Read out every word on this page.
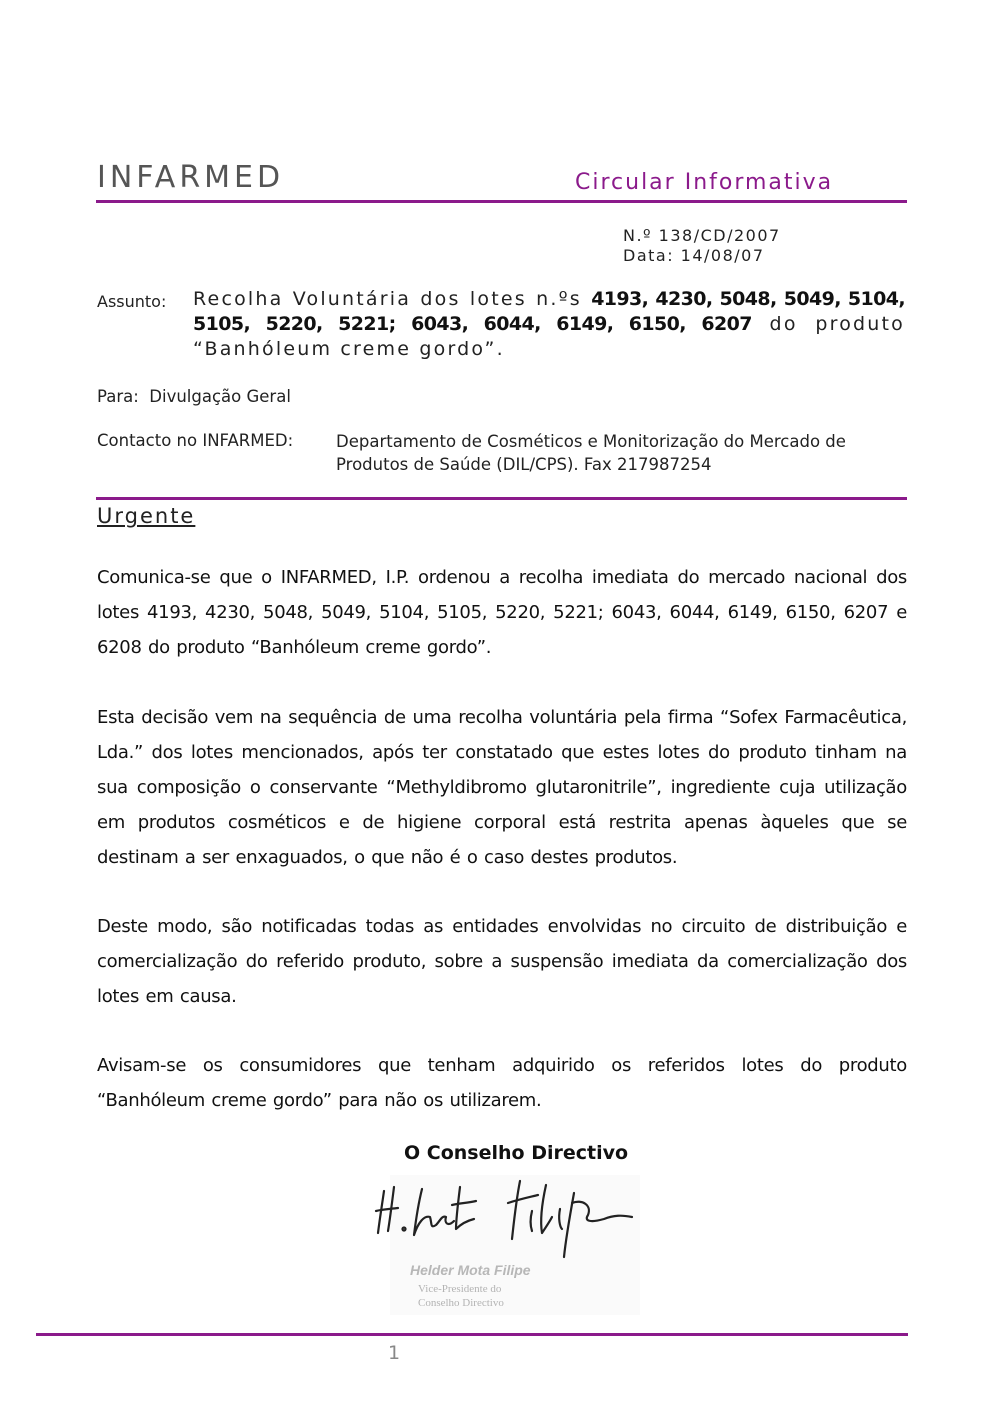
INFARMED	Circular Informativa
N.º 138/CD/2007
Data: 14/08/07
Assunto: Recolha Voluntária dos lotes n.ºs 4193, 4230, 5048, 5049, 5104, 5105, 5220, 5221; 6043, 6044, 6149, 6150, 6207 do produto “Banhóleum creme gordo”.
Para: Divulgação Geral
Contacto no INFARMED:	Departamento de Cosméticos e Monitorização do Mercado de Produtos de Saúde (DIL/CPS). Fax 217987254
Urgente

Comunica-se que o INFARMED, I.P. ordenou a recolha imediata do mercado nacional dos lotes 4193, 4230, 5048, 5049, 5104, 5105, 5220, 5221; 6043, 6044, 6149, 6150, 6207 e 6208 do produto “Banhóleum creme gordo”.

Esta decisão vem na sequência de uma recolha voluntária pela firma “Sofex Farmacêutica, Lda.” dos lotes mencionados, após ter constatado que estes lotes do produto tinham na sua composição o conservante “Methyldibromo glutaronitrile”, ingrediente cuja utilização em produtos cosméticos e de higiene corporal está restrita apenas àqueles que se destinam a ser enxaguados, o que não é o caso destes produtos.

Deste modo, são notificadas todas as entidades envolvidas no circuito de distribuição e comercialização do referido produto, sobre a suspensão imediata da comercialização dos lotes em causa.

Avisam-se os consumidores que tenham adquirido os referidos lotes do produto “Banhóleum creme gordo” para não os utilizarem.

O Conselho Directivo
Helder Mota Filipe
Vice-Presidente do
Conselho Directivo
1
